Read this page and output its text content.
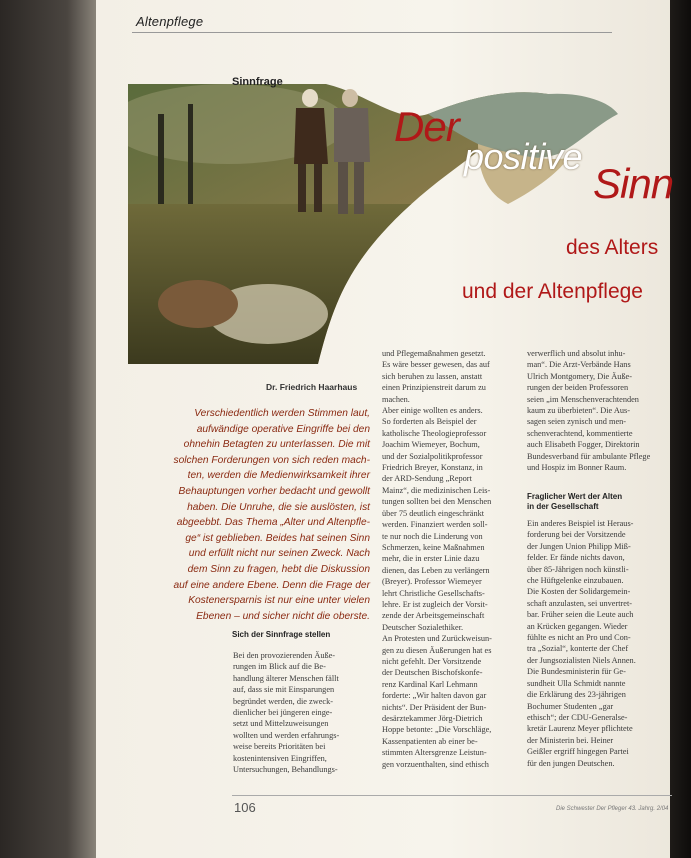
Altenpflege
Sinnfrage
Der
positive
Sinn
des Alters
und der Altenpflege
Dr. Friedrich Haarhaus
Verschiedentlich werden Stimmen laut,
aufwändige operative Eingriffe bei den
ohnehin Betagten zu unterlassen. Die mit
solchen Forderungen von sich reden mach-
ten, werden die Medienwirksamkeit ihrer
Behauptungen vorher bedacht und gewollt
haben. Die Unruhe, die sie auslösten, ist
abgeebbt. Das Thema „Alter und Altenpfle-
ge“ ist geblieben. Beides hat seinen Sinn
und erfüllt nicht nur seinen Zweck. Nach
dem Sinn zu fragen, hebt die Diskussion
auf eine andere Ebene. Denn die Frage der
Kostenersparnis ist nur eine unter vielen
Ebenen – und sicher nicht die oberste.
Sich der Sinnfrage stellen
Bei den provozierenden Äuße-
rungen im Blick auf die Be-
handlung älterer Menschen fällt
auf, dass sie mit Einsparungen
begründet werden, die zweck-
dienlicher bei jüngeren einge-
setzt und Mittelzuweisungen
wollten und werden erfahrungs-
weise bereits Prioritäten bei
kostenintensiven Eingriffen,
Untersuchungen, Behandlungs-
und Pflegemaßnahmen gesetzt.
Es wäre besser gewesen, das auf
sich beruhen zu lassen, anstatt
einen Prinzipienstreit darum zu
machen.
Aber einige wollten es anders.
So forderten als Beispiel der
katholische Theologieprofessor
Joachim Wiemeyer, Bochum,
und der Sozialpolitikprofessor
Friedrich Breyer, Konstanz, in
der ARD-Sendung „Report
Mainz“, die medizinischen Leis-
tungen sollten bei den Menschen
über 75 deutlich eingeschränkt
werden. Finanziert werden soll-
te nur noch die Linderung von
Schmerzen, keine Maßnahmen
mehr, die in erster Linie dazu
dienen, das Leben zu verlängern
(Breyer). Professor Wiemeyer
lehrt Christliche Gesellschafts-
lehre. Er ist zugleich der Vorsit-
zende der Arbeitsgemeinschaft
Deutscher Sozialethiker.
An Protesten und Zurückweisun-
gen zu diesen Äußerungen hat es
nicht gefehlt. Der Vorsitzende
der Deutschen Bischofskonfe-
renz Kardinal Karl Lehmann
forderte: „Wir halten davon gar
nichts“. Der Präsident der Bun-
desärztekammer Jörg-Dietrich
Hoppe betonte: „Die Vorschläge,
Kassenpatienten ab einer be-
stimmten Altersgrenze Leistun-
gen vorzuenthalten, sind ethisch
verwerflich und absolut inhu-
man“. Die Arzt-Verbände Hans
Ulrich Montgomery, Die Äuße-
rungen der beiden Professoren
seien „im Menschenverachtenden
kaum zu überbieten“. Die Aus-
sagen seien zynisch und men-
schenverachtend, kommentierte
auch Elisabeth Fogger, Direktorin
Bundesverband für ambulante Pflege
und Hospiz im Bonner Raum.
Fraglicher Wert der Alten
in der Gesellschaft
Ein anderes Beispiel ist Heraus-
forderung bei der Vorsitzende
der Jungen Union Philipp Miß-
felder. Er fände nichts davon,
über 85-Jährigen noch künstli-
che Hüftgelenke einzubauen.
Die Kosten der Solidargemein-
schaft anzulasten, sei unvertret-
bar. Früher seien die Leute auch
an Krücken gegangen. Wieder
fühlte es nicht an Pro und Con-
tra „Sozial“, konterte der Chef
der Jungsozialisten Niels Annen.
Die Bundesministerin für Ge-
sundheit Ulla Schmidt nannte
die Erklärung des 23-jährigen
Bochumer Studenten „gar
ethisch“; der CDU-Generalse-
kretär Laurenz Meyer pflichtete
der Ministerin bei. Heiner
Geißler ergriff hingegen Partei
für den jungen Deutschen.
106	Die Schwester Der Pfleger 43. Jahrg. 2/04
